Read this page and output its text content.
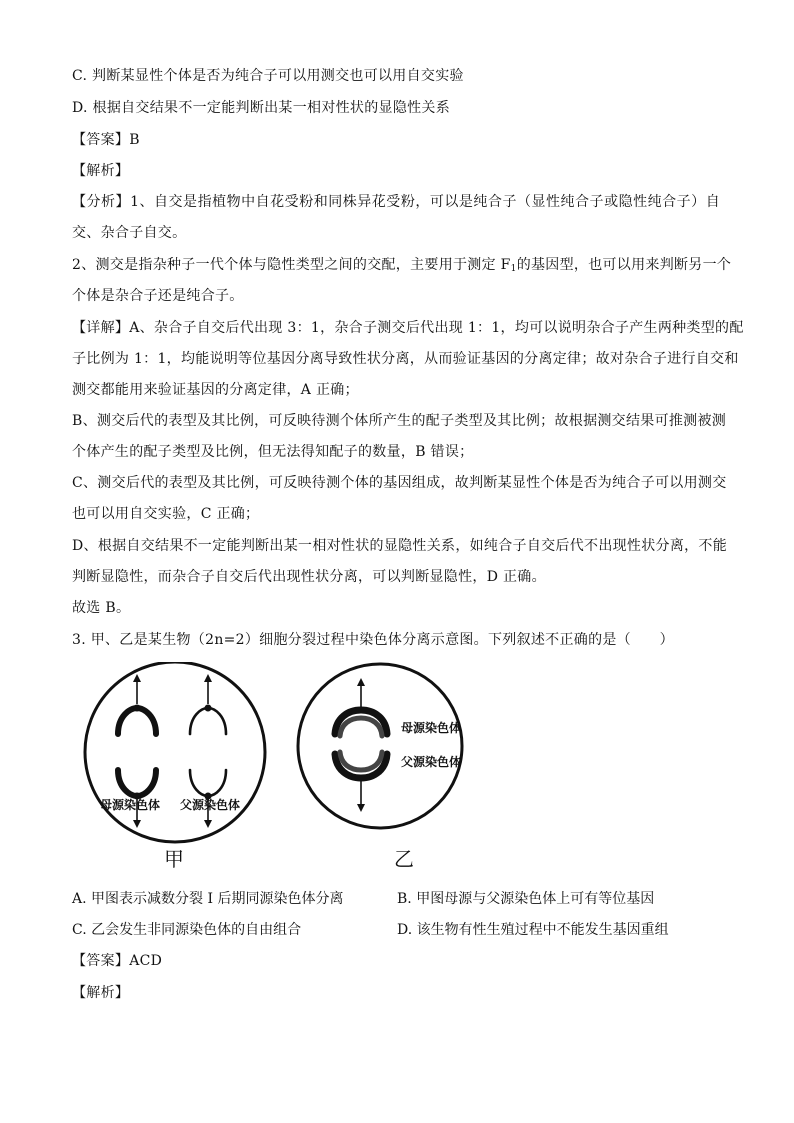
C. 判断某显性个体是否为纯合子可以用测交也可以用自交实验
D. 根据自交结果不一定能判断出某一相对性状的显隐性关系
【答案】B
【解析】
【分析】1、自交是指植物中自花受粉和同株异花受粉，可以是纯合子（显性纯合子或隐性纯合子）自
交、杂合子自交。
2、测交是指杂种子一代个体与隐性类型之间的交配，主要用于测定 $F_1$的基因型，也可以用来判断另一个
个体是杂合子还是纯合子。
【详解】A、杂合子自交后代出现 3：1，杂合子测交后代出现 1：1，均可以说明杂合子产生两种类型的配
子比例为 1：1，均能说明等位基因分离导致性状分离，从而验证基因的分离定律；故对杂合子进行自交和
测交都能用来验证基因的分离定律，A 正确；
B、测交后代的表型及其比例，可反映待测个体所产生的配子类型及其比例；故根据测交结果可推测被测
个体产生的配子类型及比例，但无法得知配子的数量，B 错误；
C、测交后代的表型及其比例，可反映待测个体的基因组成，故判断某显性个体是否为纯合子可以用测交
也可以用自交实验，C 正确；
D、根据自交结果不一定能判断出某一相对性状的显隐性关系，如纯合子自交后代不出现性状分离，不能
判断显隐性，而杂合子自交后代出现性状分离，可以判断显隐性，D 正确。
故选 B。
3. 甲、乙是某生物（2n=2）细胞分裂过程中染色体分离示意图。下列叙述不正确的是（　　）
母源染色体 父源染色体
甲
母源染色体
父源染色体
乙
A. 甲图表示减数分裂 I 后期同源染色体分离	B. 甲图母源与父源染色体上可有等位基因
C. 乙会发生非同源染色体的自由组合	D. 该生物有性生殖过程中不能发生基因重组
【答案】ACD
【解析】
